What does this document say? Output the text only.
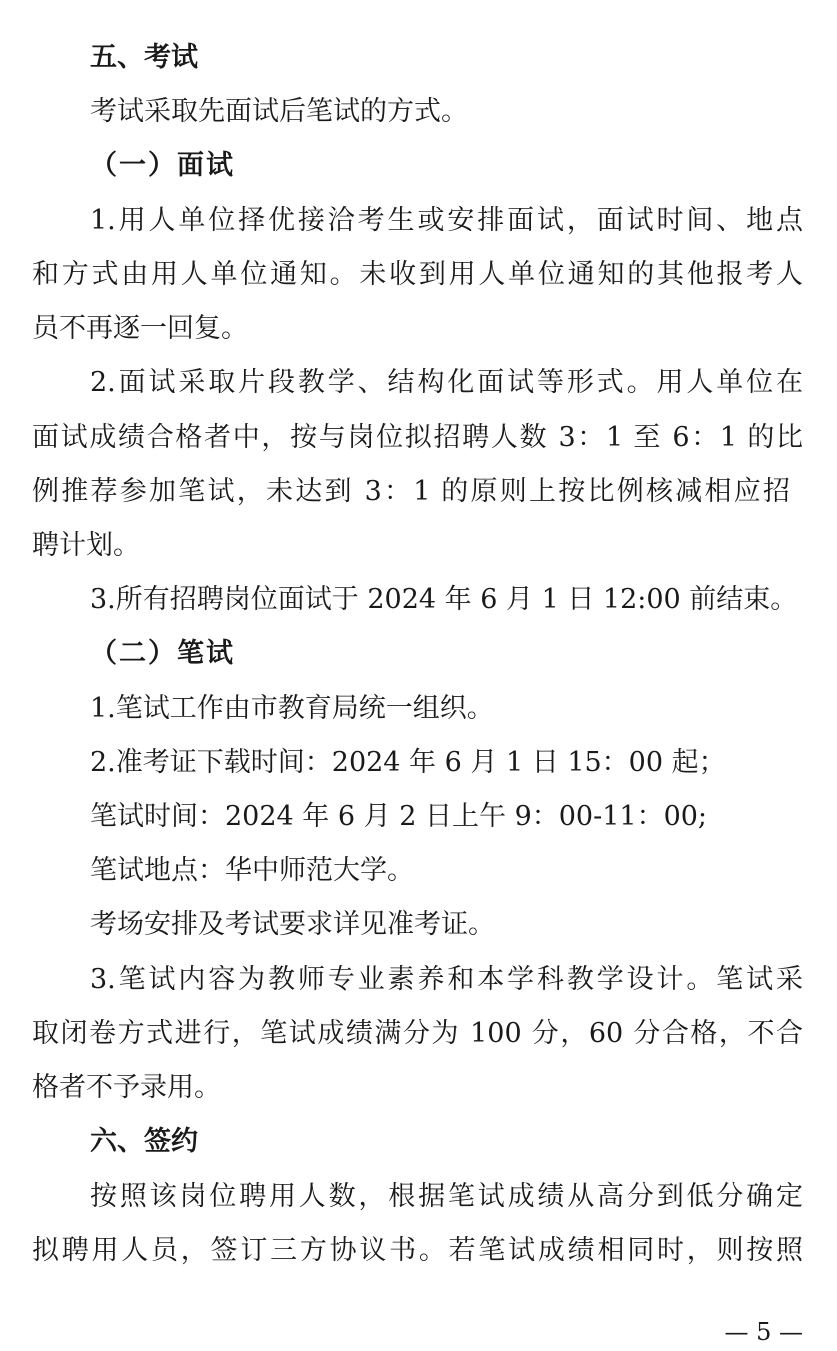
五、考试
考试采取先面试后笔试的方式。
（一）面试
1.用人单位择优接洽考生或安排面试，面试时间、地点
和方式由用人单位通知。未收到用人单位通知的其他报考人
员不再逐一回复。
2.面试采取片段教学、结构化面试等形式。用人单位在
面试成绩合格者中，按与岗位拟招聘人数 3：1 至 6：1 的比
例推荐参加笔试，未达到 3：1 的原则上按比例核减相应招
聘计划。
3.所有招聘岗位面试于 2024 年 6 月 1 日 12:00 前结束。
（二）笔试
1.笔试工作由市教育局统一组织。
2.准考证下载时间：2024 年 6 月 1 日 15：00 起；
笔试时间：2024 年 6 月 2 日上午 9：00-11：00;
笔试地点：华中师范大学。
考场安排及考试要求详见准考证。
3.笔试内容为教师专业素养和本学科教学设计。笔试采
取闭卷方式进行，笔试成绩满分为 100 分，60 分合格，不合
格者不予录用。
六、签约
按照该岗位聘用人数，根据笔试成绩从高分到低分确定
拟聘用人员，签订三方协议书。若笔试成绩相同时，则按照
— 5 —
